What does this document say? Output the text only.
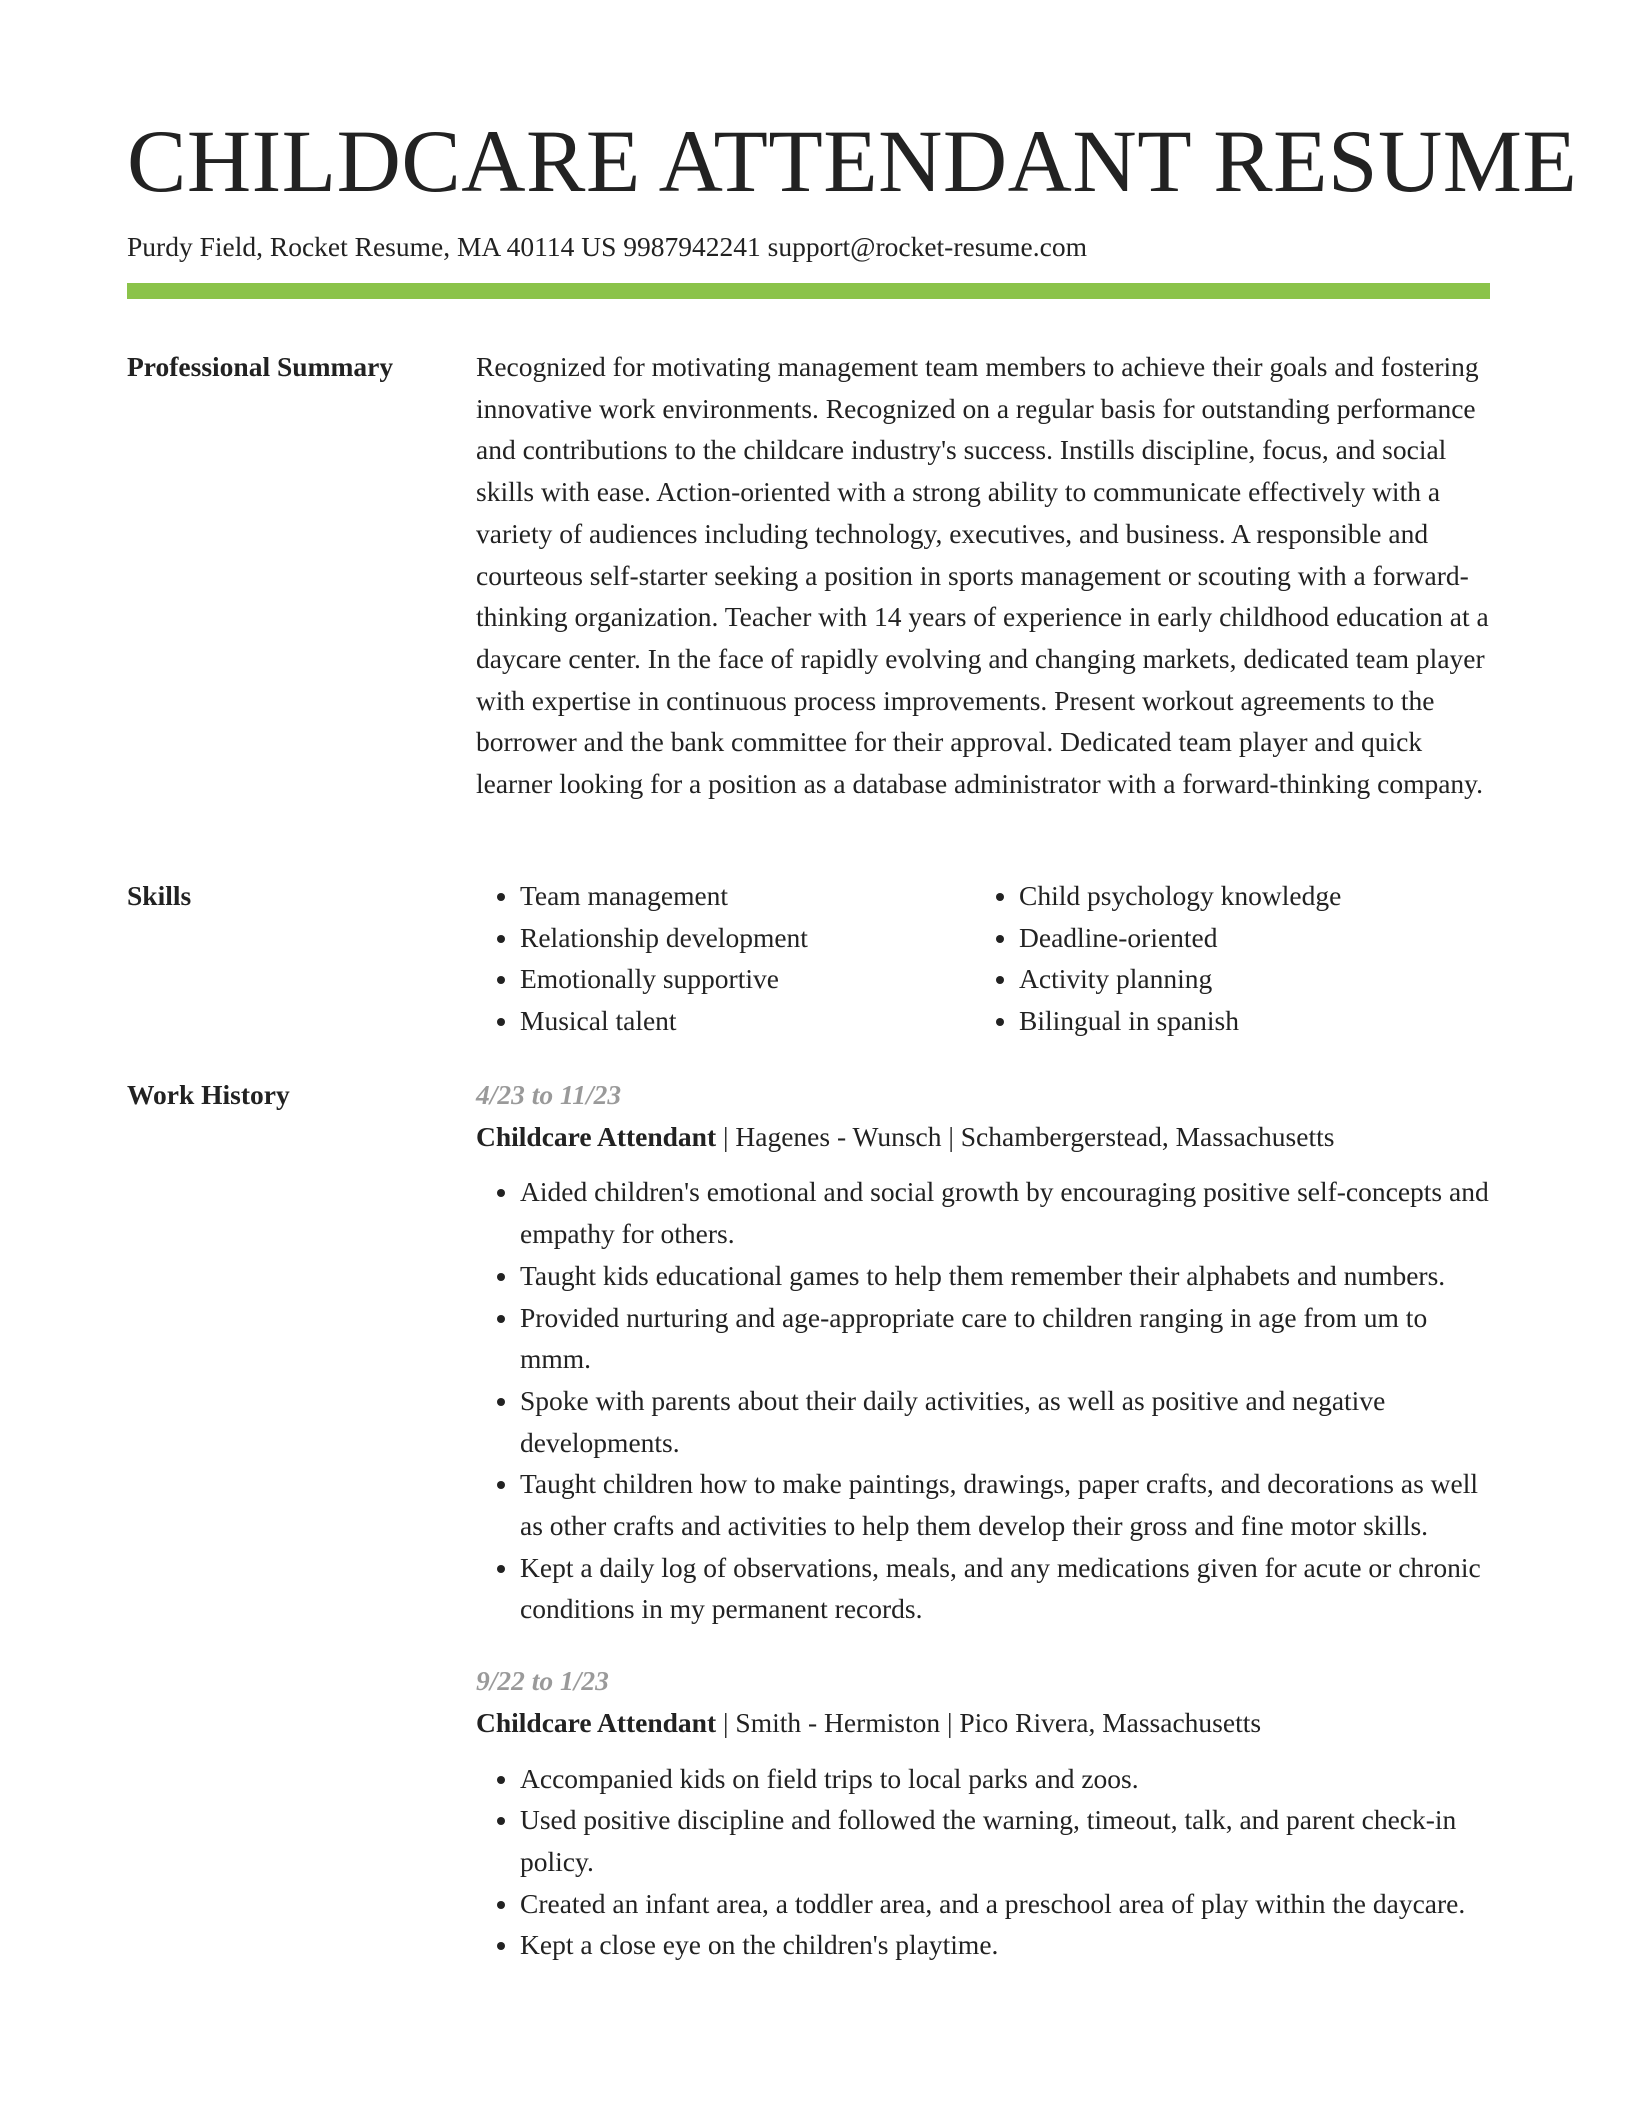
CHILDCARE ATTENDANT RESUME
Purdy Field, Rocket Resume, MA 40114 US 9987942241 support@rocket-resume.com
Professional Summary	Recognized for motivating management team members to achieve their goals and fostering innovative work environments. Recognized on a regular basis for outstanding performance and contributions to the childcare industry's success. Instills discipline, focus, and social skills with ease. Action-oriented with a strong ability to communicate effectively with a variety of audiences including technology, executives, and business. A responsible and courteous self-starter seeking a position in sports management or scouting with a forward-thinking organization. Teacher with 14 years of experience in early childhood education at a daycare center. In the face of rapidly evolving and changing markets, dedicated team player with expertise in continuous process improvements. Present workout agreements to the borrower and the bank committee for their approval. Dedicated team player and quick learner looking for a position as a database administrator with a forward-thinking company.

Skills
•	Team management
• Relationship development
• Emotionally supportive
• Musical talent
• Child psychology knowledge
• Deadline-oriented
• Activity planning
• Bilingual in spanish
Work History	4/23 to 11/23
Childcare Attendant | Hagenes - Wunsch | Schambergerstead, Massachusetts
• Aided children's emotional and social growth by encouraging positive self-concepts and empathy for others.
• Taught kids educational games to help them remember their alphabets and numbers.
• Provided nurturing and age-appropriate care to children ranging in age from um to mmm.
• Spoke with parents about their daily activities, as well as positive and negative developments.
• Taught children how to make paintings, drawings, paper crafts, and decorations as well as other crafts and activities to help them develop their gross and fine motor skills.
• Kept a daily log of observations, meals, and any medications given for acute or chronic conditions in my permanent records.
9/22 to 1/23
Childcare Attendant | Smith - Hermiston | Pico Rivera, Massachusetts
• Accompanied kids on field trips to local parks and zoos.
• Used positive discipline and followed the warning, timeout, talk, and parent check-in policy.
• Created an infant area, a toddler area, and a preschool area of play within the daycare.
• Kept a close eye on the children's playtime.
